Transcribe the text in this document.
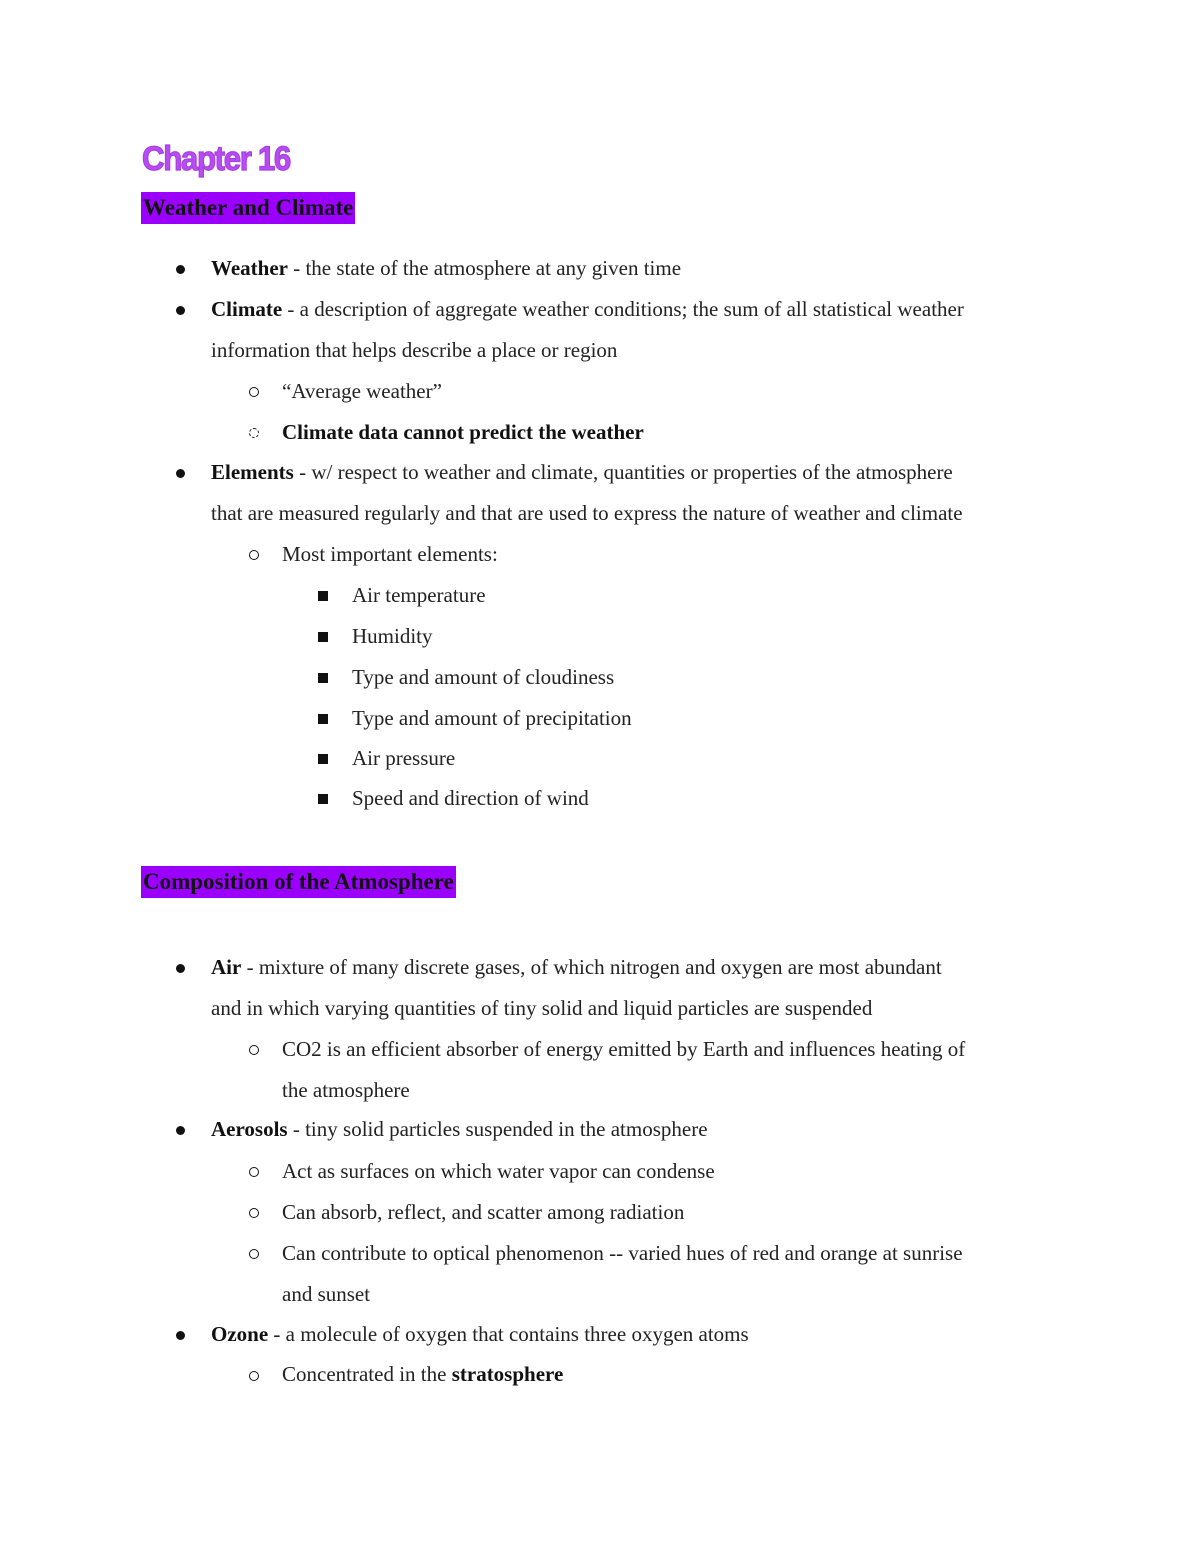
Chapter 16
Weather and Climate
Weather - the state of the atmosphere at any given time
Climate - a description of aggregate weather conditions; the sum of all statistical weather
information that helps describe a place or region
“Average weather”
Climate data cannot predict the weather
Elements - w/ respect to weather and climate, quantities or properties of the atmosphere
that are measured regularly and that are used to express the nature of weather and climate
Most important elements:
Air temperature
Humidity
Type and amount of cloudiness
Type and amount of precipitation
Air pressure
Speed and direction of wind
Composition of the Atmosphere
Air - mixture of many discrete gases, of which nitrogen and oxygen are most abundant
and in which varying quantities of tiny solid and liquid particles are suspended
CO2 is an efficient absorber of energy emitted by Earth and influences heating of
the atmosphere
Aerosols - tiny solid particles suspended in the atmosphere
Act as surfaces on which water vapor can condense
Can absorb, reflect, and scatter among radiation
Can contribute to optical phenomenon -- varied hues of red and orange at sunrise
and sunset
Ozone - a molecule of oxygen that contains three oxygen atoms
Concentrated in the stratosphere
